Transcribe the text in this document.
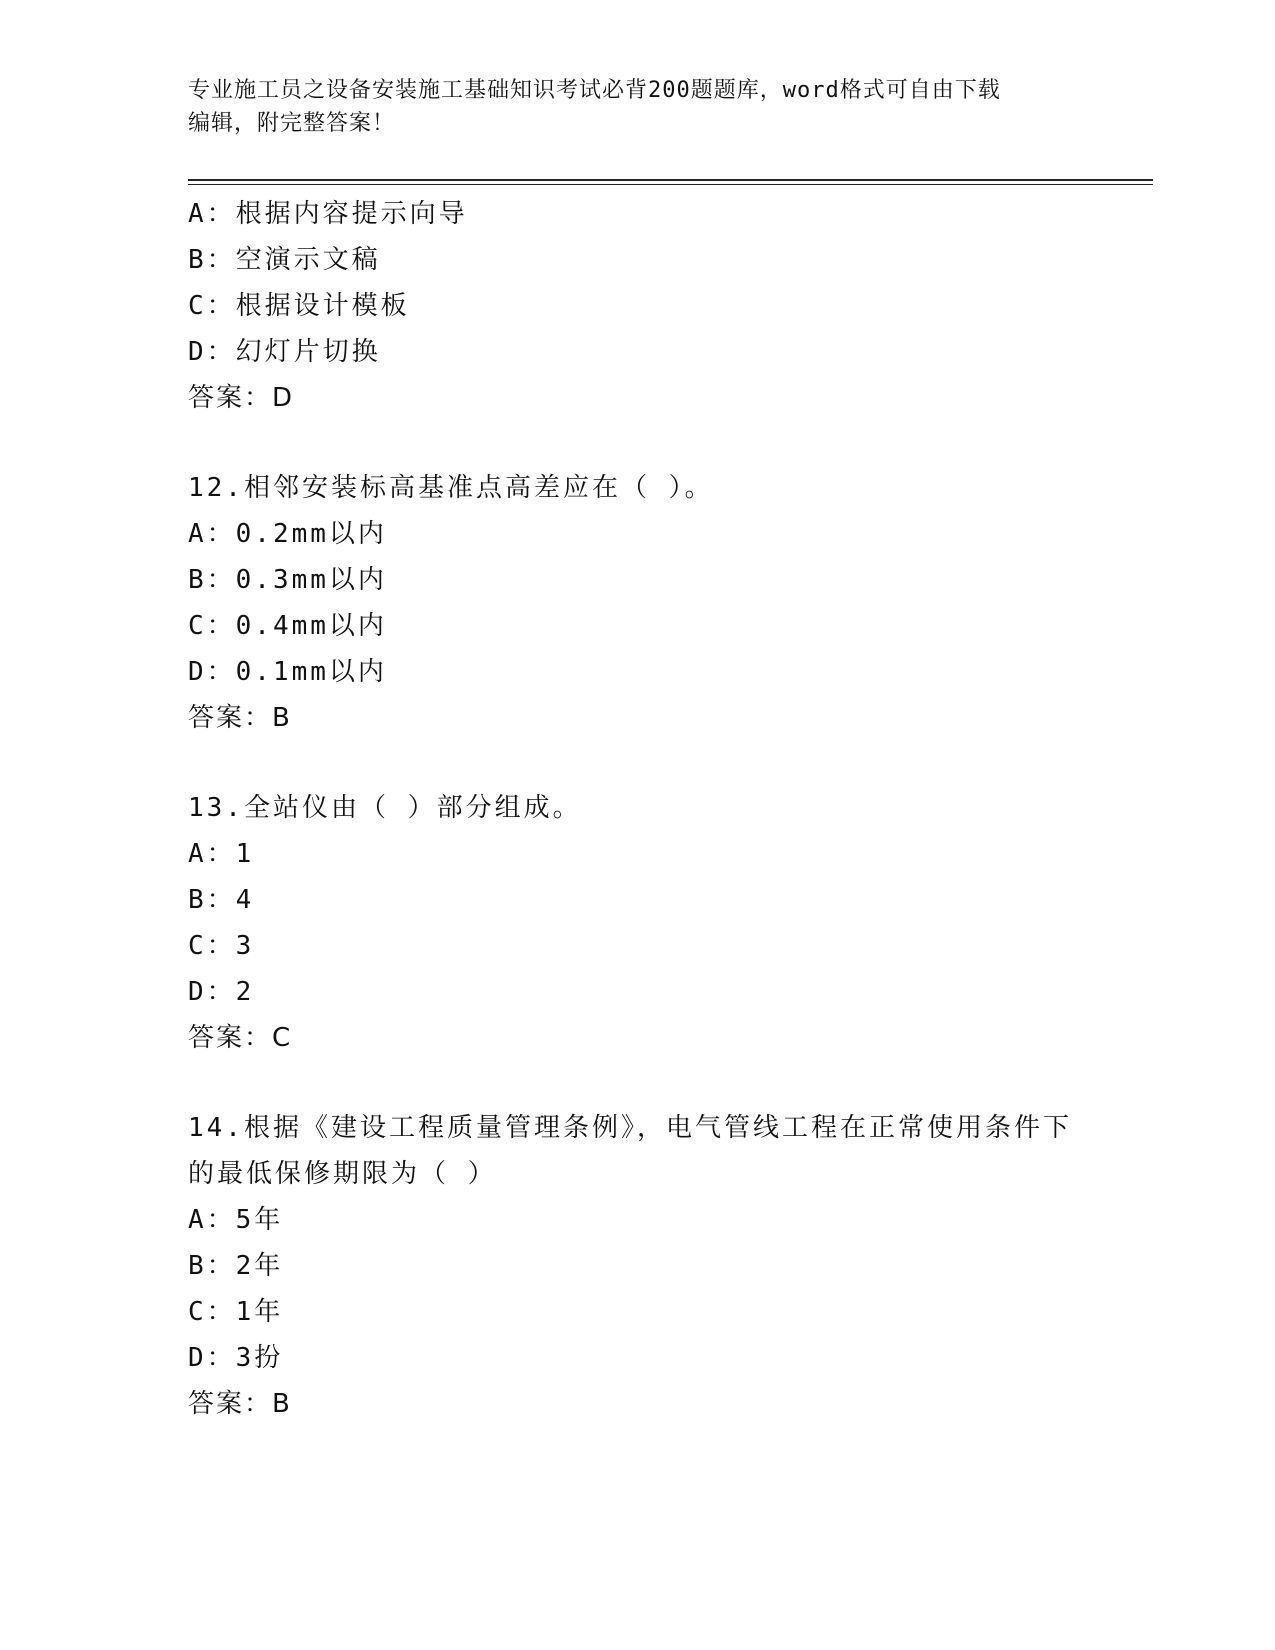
专业施工员之设备安装施工基础知识考试必背200题题库，word格式可自由下载
编辑，附完整答案！
A：根据内容提示向导
B：空演示文稿
C：根据设计模板
D：幻灯片切换
答案：D
12.相邻安装标高基准点高差应在（ ）。
A：0.2mm以内
B：0.3mm以内
C：0.4mm以内
D：0.1mm以内
答案：B
13.全站仪由（ ）部分组成。
A：1
B：4
C：3
D：2
答案：C
14.根据《建设工程质量管理条例》，电气管线工程在正常使用条件下
的最低保修期限为（ ）
A：5年
B：2年
C：1年
D：3扮
答案：B
